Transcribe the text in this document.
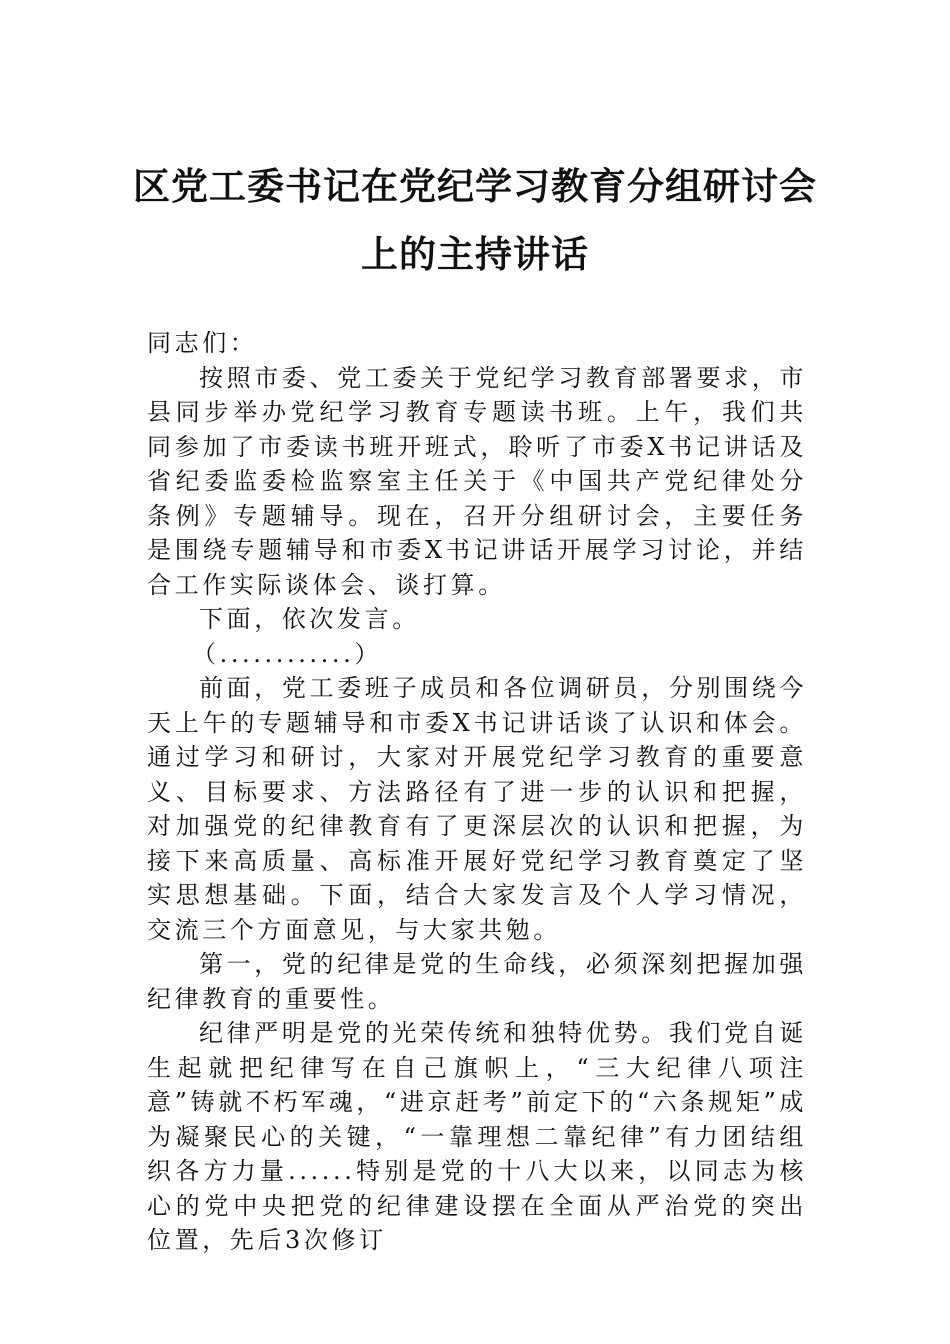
区党工委书记在党纪学习教育分组研讨会
上的主持讲话

同志们：

按照市委、党工委关于党纪学习教育部署要求，市县同步举办党纪学习教育专题读书班。上午，我们共同参加了市委读书班开班式，聆听了市委X书记讲话及省纪委监委检监察室主任关于《中国共产党纪律处分条例》专题辅导。现在，召开分组研讨会，主要任务是围绕专题辅导和市委X书记讲话开展学习讨论，并结合工作实际谈体会、谈打算。

下面，依次发言。

（............）

前面，党工委班子成员和各位调研员，分别围绕今天上午的专题辅导和市委X书记讲话谈了认识和体会。通过学习和研讨，大家对开展党纪学习教育的重要意义、目标要求、方法路径有了进一步的认识和把握，对加强党的纪律教育有了更深层次的认识和把握，为接下来高质量、高标准开展好党纪学习教育奠定了坚实思想基础。下面，结合大家发言及个人学习情况，交流三个方面意见，与大家共勉。

第一，党的纪律是党的生命线，必须深刻把握加强纪律教育的重要性。

纪律严明是党的光荣传统和独特优势。我们党自诞生起就把纪律写在自己旗帜上，“三大纪律八项注意”铸就不朽军魂，“进京赶考”前定下的“六条规矩”成为凝聚民心的关键，“一靠理想二靠纪律”有力团结组织各方力量......特别是党的十八大以来，以同志为核心的党中央把党的纪律建设摆在全面从严治党的突出位置，先后3次修订
